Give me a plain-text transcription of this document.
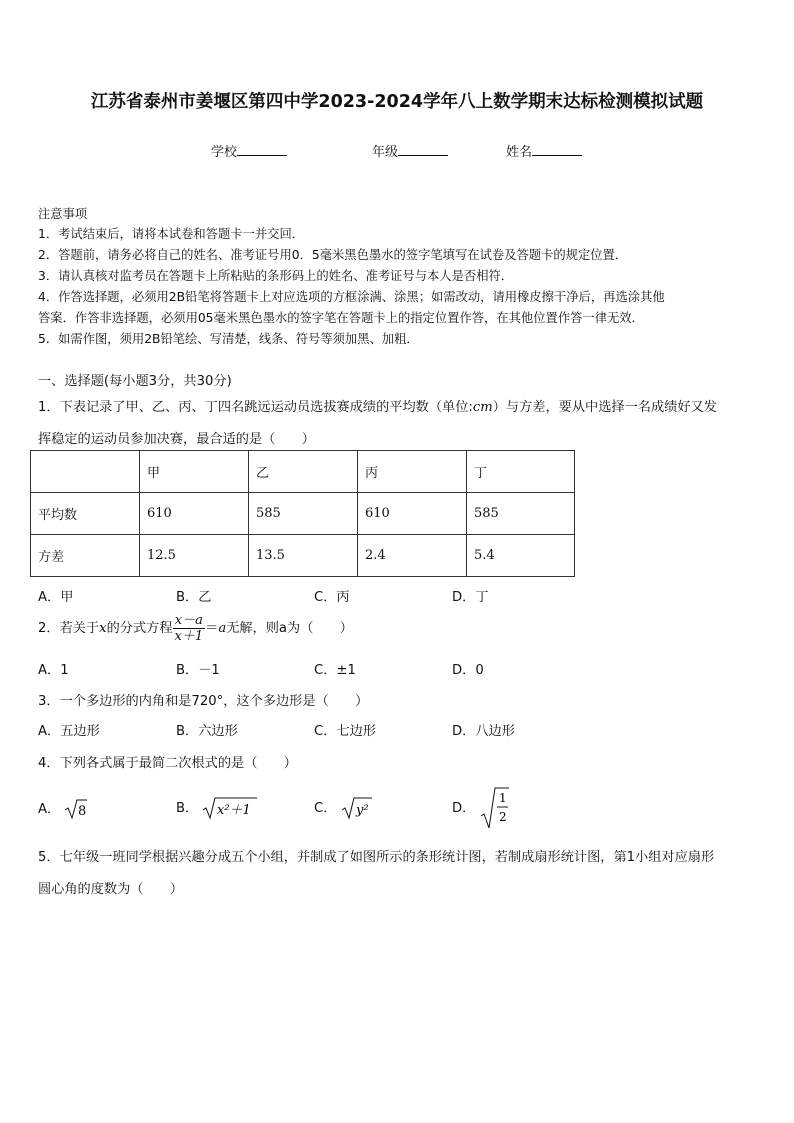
江苏省泰州市姜堰区第四中学2023-2024学年八上数学期末达标检测模拟试题
学校	年级	姓名
注意事项
1．考试结束后，请将本试卷和答题卡一并交回．
2．答题前，请务必将自己的姓名、准考证号用0．5毫米黑色墨水的签字笔填写在试卷及答题卡的规定位置．
3．请认真核对监考员在答题卡上所粘贴的条形码上的姓名、准考证号与本人是否相符．
4．作答选择题，必须用2B铅笔将答题卡上对应选项的方框涂满、涂黑；如需改动，请用橡皮擦干净后，再选涂其他
答案．作答非选择题，必须用05毫米黑色墨水的签字笔在答题卡上的指定位置作答，在其他位置作答一律无效．
5．如需作图，须用2B铅笔绘、写清楚，线条、符号等须加黑、加粗．
一、选择题(每小题3分，共30分)
1．下表记录了甲、乙、丙、丁四名跳远运动员选拔赛成绩的平均数（单位:cm）与方差，要从中选择一名成绩好又发
挥稳定的运动员参加决赛，最合适的是（　　）
	甲	乙	丙	丁
平均数	610	585	610	585
方差	12.5	13.5	2.4	5.4
A．甲	B．乙	C．丙	D．丁
2．若关于x的分式方程 $\frac{x-a}{x+1} =a$无解，则a为（　　）
A．1	B．－1	C．±1	D．0
3．一个多边形的内角和是720°，这个多边形是（　　）
A．五边形	B．六边形	C．七边形	D．八边形
4．下列各式属于最简二次根式的是（　　）
A． 8	B． x²＋1	C． y²	D．
1
2
5．七年级一班同学根据兴趣分成五个小组，并制成了如图所示的条形统计图，若制成扇形统计图，第1小组对应扇形
圆心角的度数为（　　）
